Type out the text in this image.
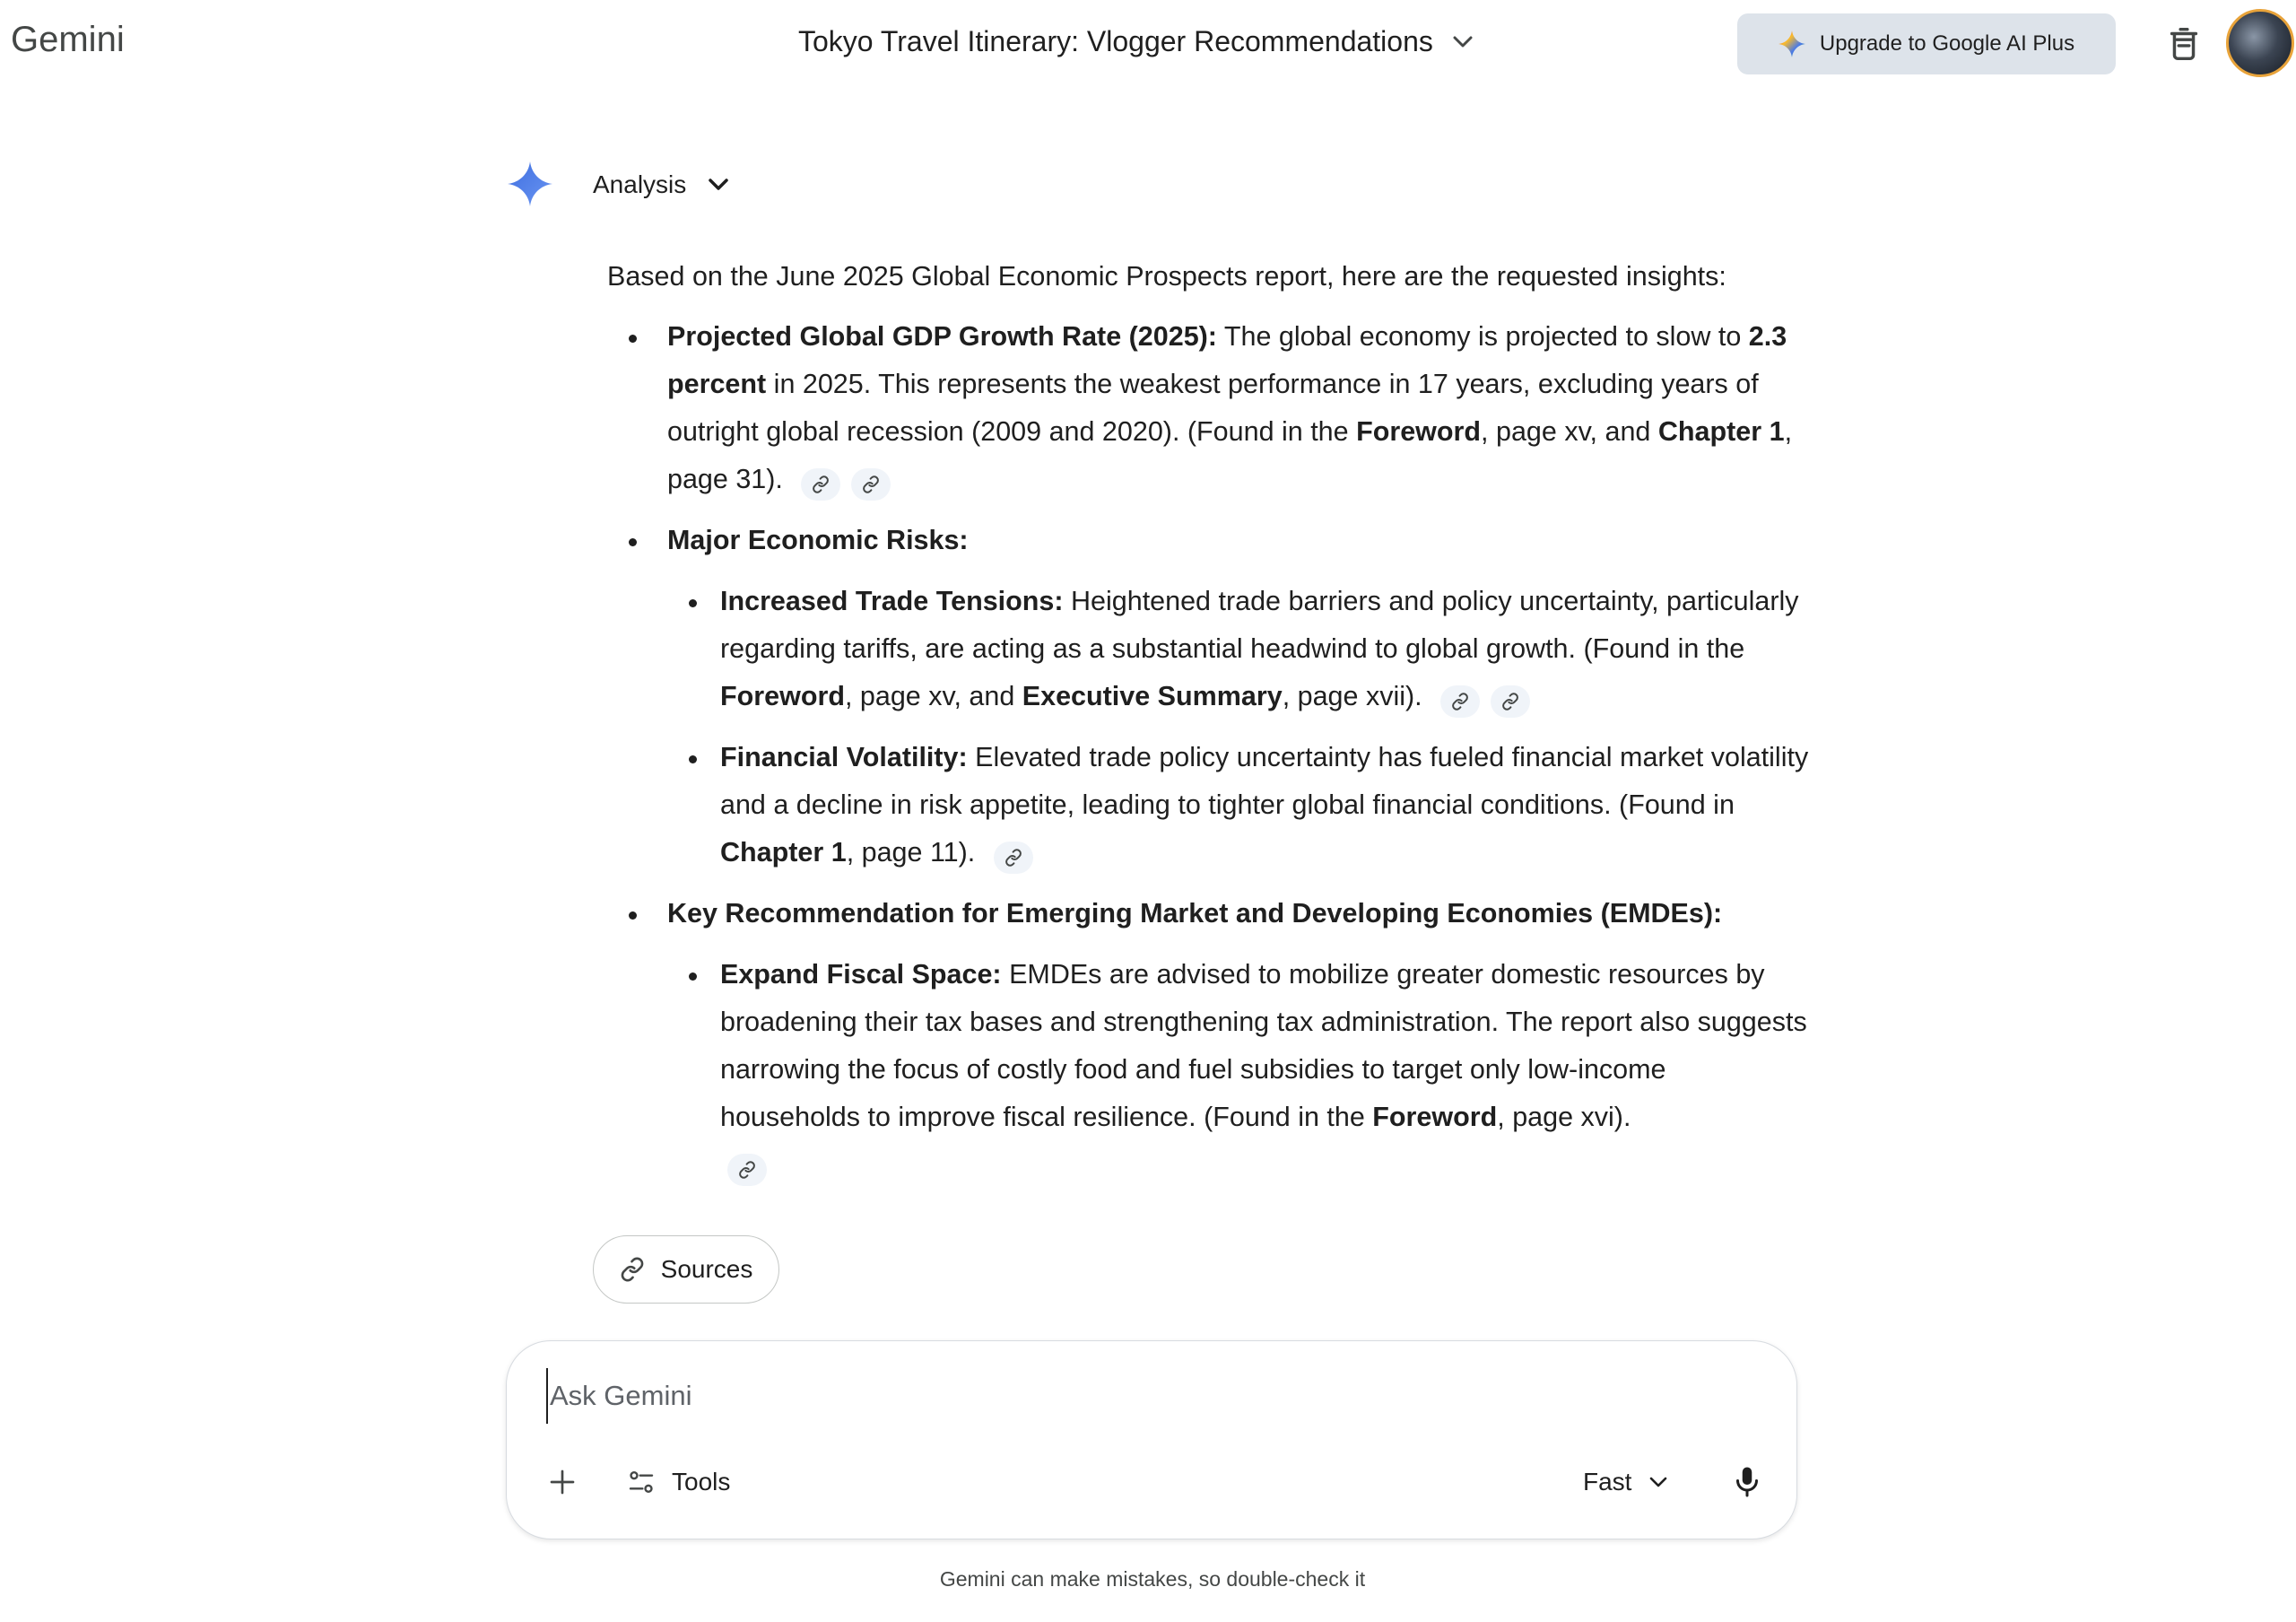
Gemini	Tokyo Travel Itinerary: Vlogger Recommendations	Upgrade to Google AI Plus
Analysis

Based on the June 2025 Global Economic Prospects report, here are the requested insights:

Projected Global GDP Growth Rate (2025): The global economy is projected to slow to 2.3 percent in 2025. This represents the weakest performance in 17 years, excluding years of outright global recession (2009 and 2020). (Found in the Foreword, page xv, and Chapter 1, page 31).
Major Economic Risks:
Increased Trade Tensions: Heightened trade barriers and policy uncertainty, particularly regarding tariffs, are acting as a substantial headwind to global growth. (Found in the Foreword, page xv, and Executive Summary, page xvii).
Financial Volatility: Elevated trade policy uncertainty has fueled financial market volatility and a decline in risk appetite, leading to tighter global financial conditions. (Found in Chapter 1, page 11).
Key Recommendation for Emerging Market and Developing Economies (EMDEs):
Expand Fiscal Space: EMDEs are advised to mobilize greater domestic resources by broadening their tax bases and strengthening tax administration. The report also suggests narrowing the focus of costly food and fuel subsidies to target only low-income households to improve fiscal resilience. (Found in the Foreword, page xvi).

Sources
Ask Gemini
Tools	Fast
Gemini can make mistakes, so double-check it
